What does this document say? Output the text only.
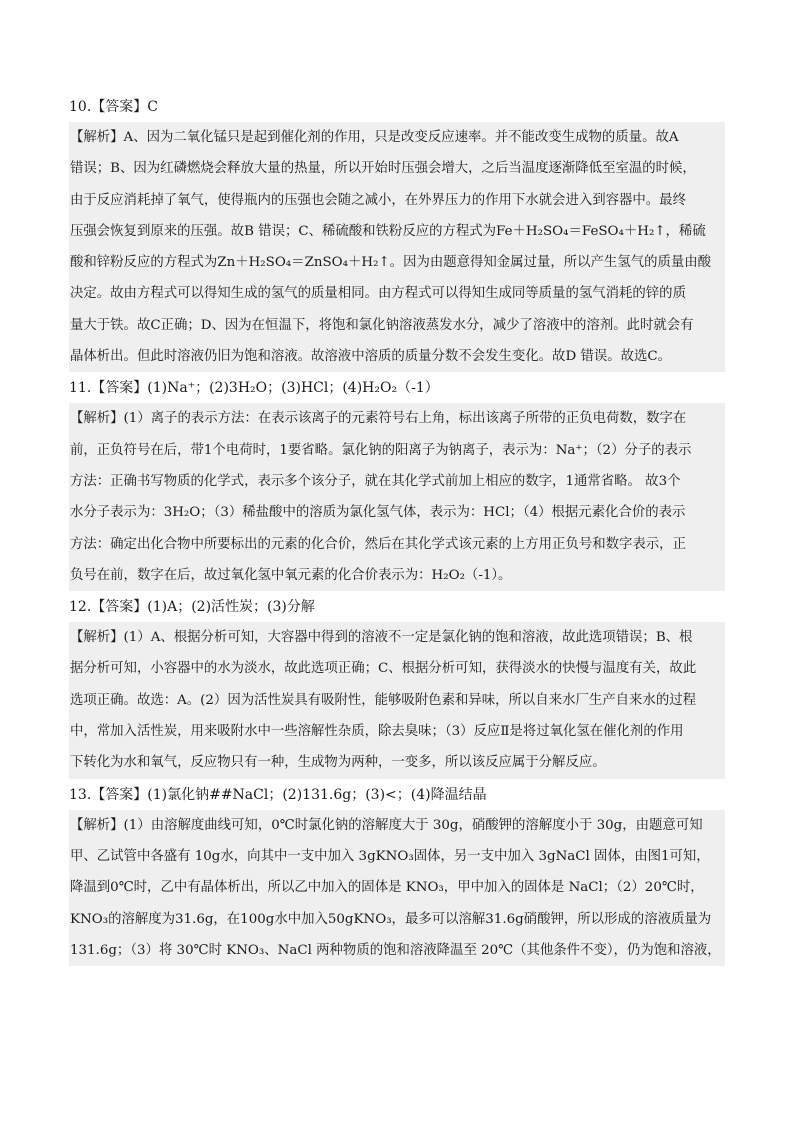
10.【答案】C
【解析】A、因为二氧化锰只是起到催化剂的作用，只是改变反应速率。并不能改变生成物的质量。故A
错误；B、因为红磷燃烧会释放大量的热量，所以开始时压强会增大，之后当温度逐渐降低至室温的时候，
由于反应消耗掉了氧气，使得瓶内的压强也会随之减小，在外界压力的作用下水就会进入到容器中。最终
压强会恢复到原来的压强。故B 错误；C、稀硫酸和铁粉反应的方程式为Fe＋H₂SO₄＝FeSO₄＋H₂↑，稀硫
酸和锌粉反应的方程式为Zn＋H₂SO₄＝ZnSO₄＋H₂↑。因为由题意得知金属过量，所以产生氢气的质量由酸
决定。故由方程式可以得知生成的氢气的质量相同。由方程式可以得知生成同等质量的氢气消耗的锌的质
量大于铁。故C正确；D、因为在恒温下，将饱和氯化钠溶液蒸发水分，减少了溶液中的溶剂。此时就会有
晶体析出。但此时溶液仍旧为饱和溶液。故溶液中溶质的质量分数不会发生变化。故D 错误。故选C。
11.【答案】(1)Na⁺；(2)3H₂O；(3)HCl；(4)H₂O₂（-1）
【解析】(1）离子的表示方法：在表示该离子的元素符号右上角，标出该离子所带的正负电荷数，数字在
前，正负符号在后，带1个电荷时，1要省略。氯化钠的阳离子为钠离子，表示为：Na⁺；（2）分子的表示
方法：正确书写物质的化学式，表示多个该分子，就在其化学式前加上相应的数字，1通常省略。 故3个
水分子表示为：3H₂O；（3）稀盐酸中的溶质为氯化氢气体，表示为：HCl；（4）根据元素化合价的表示
方法：确定出化合物中所要标出的元素的化合价，然后在其化学式该元素的上方用正负号和数字表示，正
负号在前，数字在后，故过氧化氢中氧元素的化合价表示为：H₂O₂（-1）。
12.【答案】(1)A；(2)活性炭；(3)分解
【解析】(1）A、根据分析可知，大容器中得到的溶液不一定是氯化钠的饱和溶液，故此选项错误；B、根
据分析可知，小容器中的水为淡水，故此选项正确；C、根据分析可知，获得淡水的快慢与温度有关，故此
选项正确。故选：A。(2）因为活性炭具有吸附性，能够吸附色素和异味，所以自来水厂生产自来水的过程
中，常加入活性炭，用来吸附水中一些溶解性杂质，除去臭味；（3）反应Ⅱ是将过氧化氢在催化剂的作用
下转化为水和氧气，反应物只有一种，生成物为两种，一变多，所以该反应属于分解反应。
13.【答案】(1)氯化钠##NaCl；(2)131.6g；(3)<；(4)降温结晶
【解析】(1）由溶解度曲线可知，0℃时氯化钠的溶解度大于 30g，硝酸钾的溶解度小于 30g，由题意可知
甲、乙试管中各盛有 10g水，向其中一支中加入 3gKNO₃固体，另一支中加入 3gNaCl 固体，由图1可知，
降温到0℃时，乙中有晶体析出，所以乙中加入的固体是 KNO₃，甲中加入的固体是 NaCl；（2）20℃时，
KNO₃的溶解度为31.6g，在100g水中加入50gKNO₃，最多可以溶解31.6g硝酸钾，所以形成的溶液质量为
131.6g；（3）将 30℃时 KNO₃、NaCl 两种物质的饱和溶液降温至 20℃（其他条件不变），仍为饱和溶液，
